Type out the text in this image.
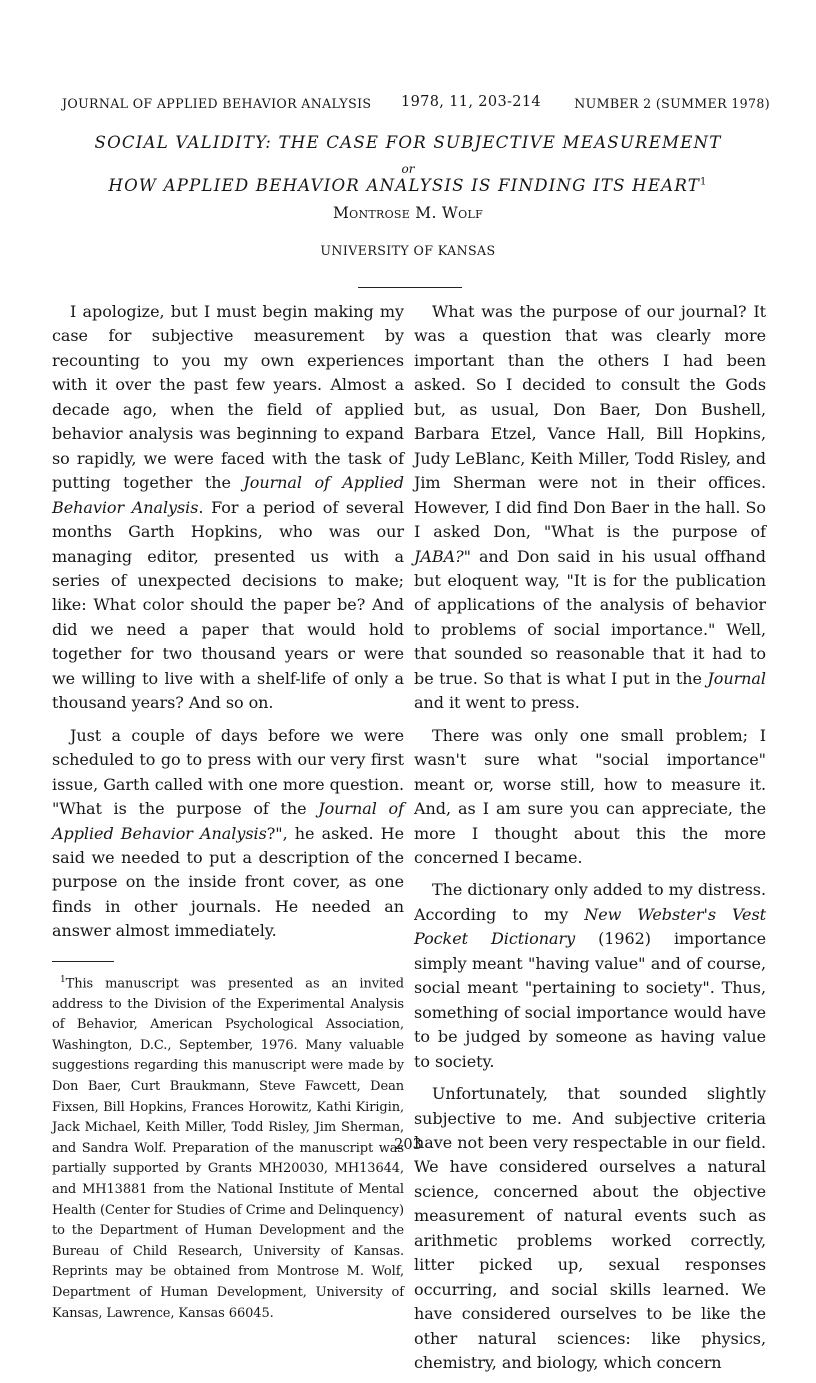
JOURNAL OF APPLIED BEHAVIOR ANALYSIS 1978, 11, 203-214	NUMBER 2 (SUMMER 1978)
SOCIAL VALIDITY: THE CASE FOR SUBJECTIVE MEASUREMENT
or
HOW APPLIED BEHAVIOR ANALYSIS IS FINDING ITS HEART$^1$
Montrose M. Wolf
UNIVERSITY OF KANSAS

I apologize, but I must begin making my case for subjective measurement by recounting to you my own experiences with it over the past few years. Almost a decade ago, when the field of applied behavior analysis was beginning to expand so rapidly, we were faced with the task of putting together the Journal of Applied Behavior Analysis. For a period of several months Garth Hopkins, who was our managing editor, presented us with a series of unexpected decisions to make; like: What color should the paper be? And did we need a paper that would hold together for two thousand years or were we willing to live with a shelf-life of only a thousand years? And so on.

Just a couple of days before we were scheduled to go to press with our very first issue, Garth called with one more question. "What is the purpose of the Journal of Applied Behavior Analysis?", he asked. He said we needed to put a description of the purpose on the inside front cover, as one finds in other journals. He needed an answer almost immediately.

$^1$This manuscript was presented as an invited address to the Division of the Experimental Analysis of Behavior, American Psychological Association, Washington, D.C., September, 1976. Many valuable suggestions regarding this manuscript were made by Don Baer, Curt Braukmann, Steve Fawcett, Dean Fixsen, Bill Hopkins, Frances Horowitz, Kathi Kirigin, Jack Michael, Keith Miller, Todd Risley, Jim Sherman, and Sandra Wolf. Preparation of the manuscript was partially supported by Grants MH20030, MH13644, and MH13881 from the National Institute of Mental Health (Center for Studies of Crime and Delinquency) to the Department of Human Development and the Bureau of Child Research, University of Kansas. Reprints may be obtained from Montrose M. Wolf, Department of Human Development, University of Kansas, Lawrence, Kansas 66045.

What was the purpose of our journal? It was a question that was clearly more important than the others I had been asked. So I decided to consult the Gods but, as usual, Don Baer, Don Bushell, Barbara Etzel, Vance Hall, Bill Hopkins, Judy LeBlanc, Keith Miller, Todd Risley, and Jim Sherman were not in their offices. However, I did find Don Baer in the hall. So I asked Don, "What is the purpose of JABA?" and Don said in his usual offhand but eloquent way, "It is for the publication of applications of the analysis of behavior to problems of social importance." Well, that sounded so reasonable that it had to be true. So that is what I put in the Journal and it went to press.

There was only one small problem; I wasn't sure what "social importance" meant or, worse still, how to measure it. And, as I am sure you can appreciate, the more I thought about this the more concerned I became.

The dictionary only added to my distress. According to my New Webster's Vest Pocket Dictionary (1962) importance simply meant "having value" and of course, social meant "pertaining to society". Thus, something of social importance would have to be judged by someone as having value to society.

Unfortunately, that sounded slightly subjective to me. And subjective criteria have not been very respectable in our field. We have considered ourselves a natural science, concerned about the objective measurement of natural events such as arithmetic problems worked correctly, litter picked up, sexual responses occurring, and social skills learned. We have considered ourselves to be like the other natural sciences: like physics, chemistry, and biology, which concern

203
